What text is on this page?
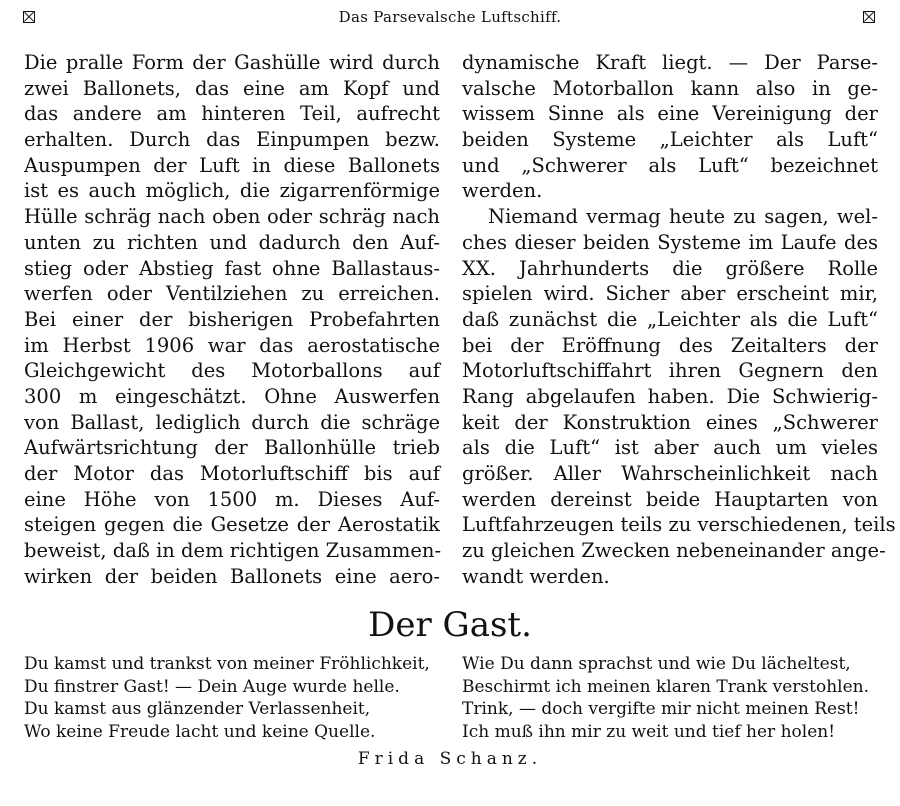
Das Parsevalsche Luftschiff.
Die pralle Form der Gashülle wird durch
zwei Ballonets, das eine am Kopf und
das andere am hinteren Teil, aufrecht
erhalten. Durch das Einpumpen bezw.
Auspumpen der Luft in diese Ballonets
ist es auch möglich, die zigarrenförmige
Hülle schräg nach oben oder schräg nach
unten zu richten und dadurch den Auf-
stieg oder Abstieg fast ohne Ballastaus-
werfen oder Ventilziehen zu erreichen.
Bei einer der bisherigen Probefahrten
im Herbst 1906 war das aerostatische
Gleichgewicht des Motorballons auf
300 m eingeschätzt. Ohne Auswerfen
von Ballast, lediglich durch die schräge
Aufwärtsrichtung der Ballonhülle trieb
der Motor das Motorluftschiff bis auf
eine Höhe von 1500 m. Dieses Auf-
steigen gegen die Gesetze der Aerostatik
beweist, daß in dem richtigen Zusammen-
wirken der beiden Ballonets eine aero-
dynamische Kraft liegt. — Der Parse-
valsche Motorballon kann also in ge-
wissem Sinne als eine Vereinigung der
beiden Systeme „Leichter als Luft“
und „Schwerer als Luft“ bezeichnet
werden.
Niemand vermag heute zu sagen, wel-
ches dieser beiden Systeme im Laufe des
XX. Jahrhunderts die größere Rolle
spielen wird. Sicher aber erscheint mir,
daß zunächst die „Leichter als die Luft“
bei der Eröffnung des Zeitalters der
Motorluftschiffahrt ihren Gegnern den
Rang abgelaufen haben. Die Schwierig-
keit der Konstruktion eines „Schwerer
als die Luft“ ist aber auch um vieles
größer. Aller Wahrscheinlichkeit nach
werden dereinst beide Hauptarten von
Luftfahrzeugen teils zu verschiedenen, teils
zu gleichen Zwecken nebeneinander ange-
wandt werden.
Der Gast.
Du kamst und trankst von meiner Fröhlichkeit,
Du finstrer Gast! — Dein Auge wurde helle.
Du kamst aus glänzender Verlassenheit,
Wo keine Freude lacht und keine Quelle.
Wie Du dann sprachst und wie Du lächeltest,
Beschirmt ich meinen klaren Trank verstohlen.
Trink, — doch vergifte mir nicht meinen Rest!
Ich muß ihn mir zu weit und tief her holen!
Frida Schanz.
